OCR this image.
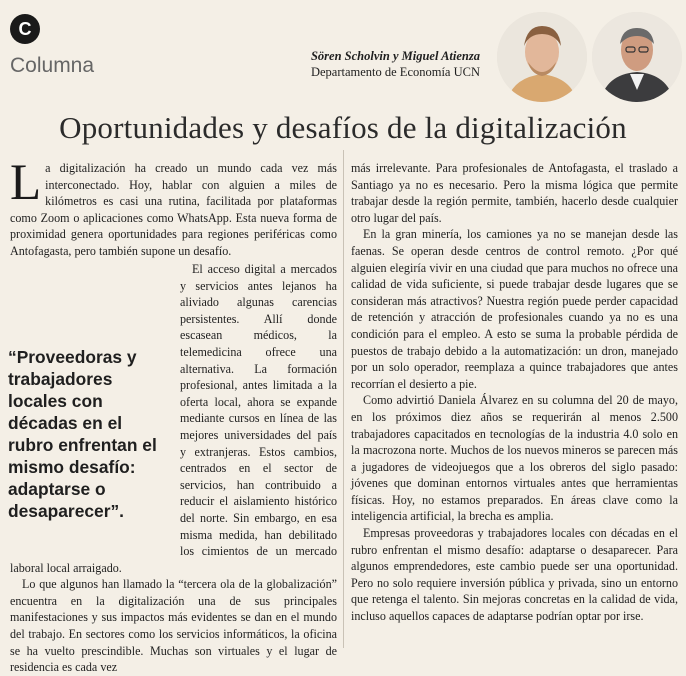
C
Columna	Sören Scholvin y Miguel Atienza
Departamento de Economía UCN
Oportunidades y desafíos de la digitalización

La digitalización ha creado un mundo cada vez más interconectado. Hoy, hablar con alguien a miles de kilómetros es casi una rutina, facilitada por plataformas como Zoom o aplicaciones como WhatsApp. Esta nueva forma de proximidad genera oportunidades para regiones periféricas como Antofagasta, pero también supone un desafío.

El acceso digital a mercados y servicios antes lejanos ha aliviado algunas carencias persistentes. Allí donde escasean médicos, la telemedicina ofrece una alternativa. La formación profesional, antes limitada a la oferta local, ahora se expande mediante cursos en línea de las mejores universidades del país y extranjeras. Estos cambios, centrados en el sector de servicios, han contribuido a reducir el aislamiento histórico del norte. Sin embargo, en esa misma medida, han debilitado los cimientos de un mercado laboral local arraigado.

Lo que algunos han llamado la “tercera ola de la globalización” encuentra en la digitalización una de sus principales manifestaciones y sus impactos más evidentes se dan en el mundo del trabajo. En sectores como los servicios informáticos, la oficina se ha vuelto prescindible. Muchas son virtuales y el lugar de residencia es cada vez

“Proveedoras y trabajadores locales con décadas en el rubro enfrentan el mismo desafío: adaptarse o desaparecer”.

más irrelevante. Para profesionales de Antofagasta, el traslado a Santiago ya no es necesario. Pero la misma lógica que permite trabajar desde la región permite, también, hacerlo desde cualquier otro lugar del país.

En la gran minería, los camiones ya no se manejan desde las faenas. Se operan desde centros de control remoto. ¿Por qué alguien elegiría vivir en una ciudad que para muchos no ofrece una calidad de vida suficiente, si puede trabajar desde lugares que se consideran más atractivos? Nuestra región puede perder capacidad de retención y atracción de profesionales cuando ya no es una condición para el empleo. A esto se suma la probable pérdida de puestos de trabajo debido a la automatización: un dron, manejado por un solo operador, reemplaza a quince trabajadores que antes recorrían el desierto a pie.

Como advirtió Daniela Álvarez en su columna del 20 de mayo, en los próximos diez años se requerirán al menos 2.500 trabajadores capacitados en tecnologías de la industria 4.0 solo en la macrozona norte. Muchos de los nuevos mineros se parecen más a jugadores de videojuegos que a los obreros del siglo pasado: jóvenes que dominan entornos virtuales antes que herramientas físicas. Hoy, no estamos preparados. En áreas clave como la inteligencia artificial, la brecha es amplia.

Empresas proveedoras y trabajadores locales con décadas en el rubro enfrentan el mismo desafío: adaptarse o desaparecer. Para algunos emprendedores, este cambio puede ser una oportunidad. Pero no solo requiere inversión pública y privada, sino un entorno que retenga el talento. Sin mejoras concretas en la calidad de vida, incluso aquellos capaces de adaptarse podrían optar por irse.
